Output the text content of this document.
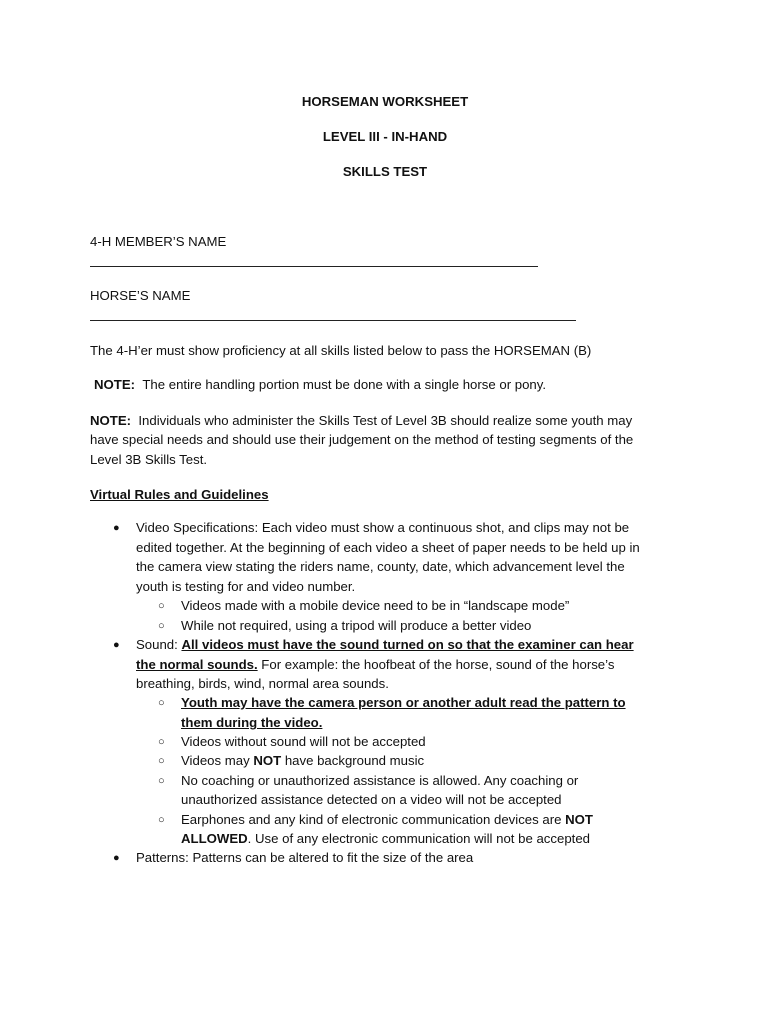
HORSEMAN WORKSHEET
LEVEL III - IN-HAND
SKILLS TEST
4-H MEMBER’S NAME
HORSE’S NAME
The 4-H’er must show proficiency at all skills listed below to pass the HORSEMAN (B)
NOTE: The entire handling portion must be done with a single horse or pony.
NOTE: Individuals who administer the Skills Test of Level 3B should realize some youth may
have special needs and should use their judgement on the method of testing segments of the
Level 3B Skills Test.
Virtual Rules and Guidelines
● Video Specifications: Each video must show a continuous shot, and clips may not be
edited together. At the beginning of each video a sheet of paper needs to be held up in
the camera view stating the riders name, county, date, which advancement level the
youth is testing for and video number.
○ Videos made with a mobile device need to be in “landscape mode”
○ While not required, using a tripod will produce a better video
● Sound: All videos must have the sound turned on so that the examiner can hear
the normal sounds. For example: the hoofbeat of the horse, sound of the horse’s
breathing, birds, wind, normal area sounds.
○ Youth may have the camera person or another adult read the pattern to
them during the video.
○ Videos without sound will not be accepted
○ Videos may NOT have background music
○ No coaching or unauthorized assistance is allowed. Any coaching or
unauthorized assistance detected on a video will not be accepted
○ Earphones and any kind of electronic communication devices are NOT
ALLOWED. Use of any electronic communication will not be accepted
● Patterns: Patterns can be altered to fit the size of the area
